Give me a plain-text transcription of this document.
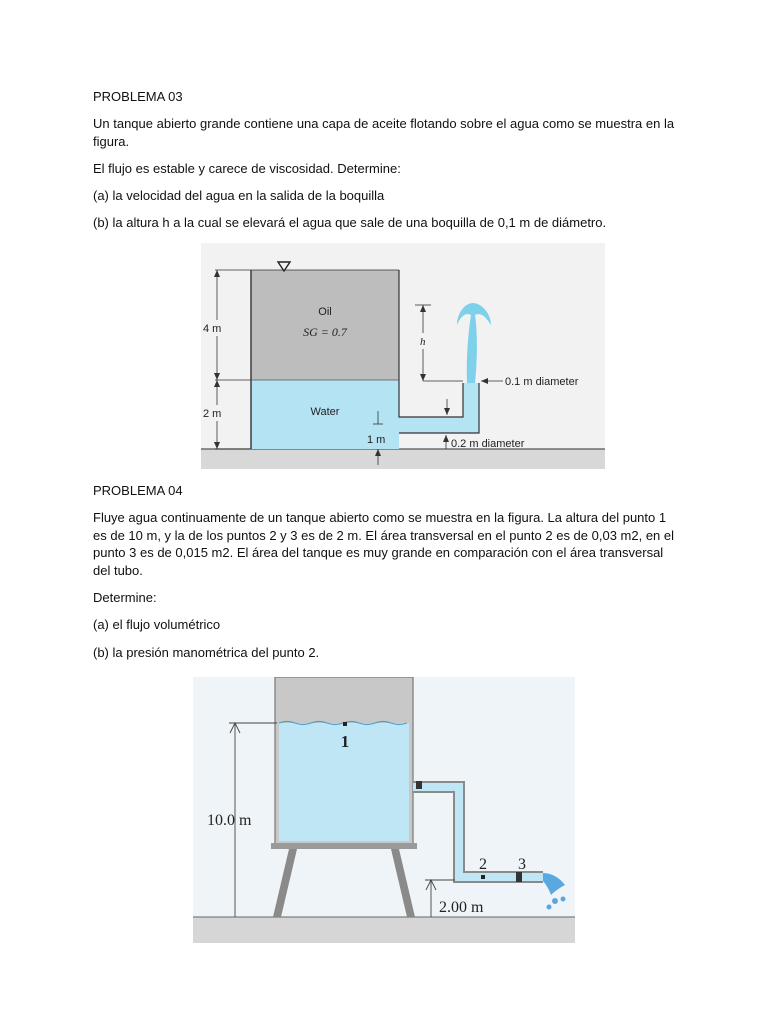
PROBLEMA 03

Un tanque abierto grande contiene una capa de aceite flotando sobre el agua como se muestra en la figura.

El flujo es estable y carece de viscosidad. Determine:

(a) la velocidad del agua en la salida de la boquilla

(b) la altura h a la cual se elevará el agua que sale de una boquilla de 0,1 m de diámetro.

4 m
2 m
Oil
SG = 0.7
Water
1 m
h
0.1 m diameter
0.2 m diameter

PROBLEMA 04

Fluye agua continuamente de un tanque abierto como se muestra en la figura. La altura del punto 1 es de 10 m, y la de los puntos 2 y 3 es de 2 m. El área transversal en el punto 2 es de 0,03 m2, en el punto 3 es de 0,015 m2. El área del tanque es muy grande en comparación con el área transversal del tubo.

Determine:

(a) el flujo volumétrico

(b) la presión manométrica del punto 2.

1
2 3
10.0 m
2.00 m
